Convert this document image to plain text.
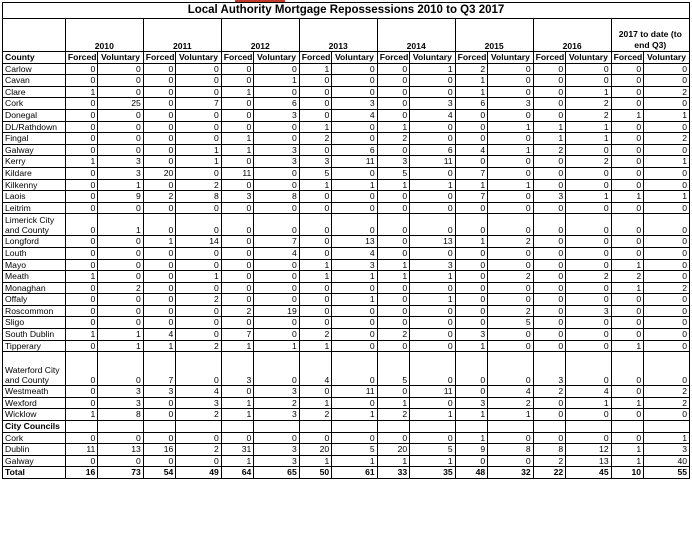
Local Authority Mortgage Repossessions 2010 to Q3 2017																
	2010		2011		2012		2013		2014		2015		2016		2017 to date (to end Q3)	
County	Forced	Voluntary	Forced	Voluntary	Forced	Voluntary	Forced	Voluntary	Forced	Voluntary	Forced	Voluntary	Forced	Voluntary	Forced	Voluntary
Carlow	0	0	0	0	0	0	1	0	0	1	2	0	0	0	0	0
Cavan	0	0	0	0	0	1	0	0	0	0	1	0	0	0	0	0
Clare	1	0	0	0	1	0	0	0	0	0	1	0	0	1	0	2
Cork	0	25	0	7	0	6	0	3	0	3	6	3	0	2	0	0
Donegal	0	0	0	0	0	3	0	4	0	4	0	0	0	2	1	1
DL/Rathdown	0	0	0	0	0	0	1	0	1	0	0	1	1	1	0	0
Fingal	0	0	0	0	1	0	2	0	2	0	0	0	1	1	0	2
Galway	0	0	0	1	1	3	0	6	0	6	4	1	2	0	0	0
Kerry	1	3	0	1	0	3	3	11	3	11	0	0	0	2	0	1
Kildare	0	3	20	0	11	0	5	0	5	0	7	0	0	0	0	0
Kilkenny	0	1	0	2	0	0	1	1	1	1	1	1	0	0	0	0
Laois	0	9	2	8	3	8	0	0	0	0	7	0	3	1	1	1
Leitrim	0	0	0	0	0	0	0	0	0	0	0	0	0	0	0	0
Limerick City and County	0	1	0	0	0	0	0	0	0	0	0	0	0	0	0	0
Longford	0	0	1	14	0	7	0	13	0	13	1	2	0	0	0	0
Louth	0	0	0	0	0	4	0	4	0	0	0	0	0	0	0	0
Mayo	0	0	0	0	0	0	1	3	1	3	0	0	0	0	1	0
Meath	1	0	0	1	0	0	1	1	1	1	0	2	0	2	2	0
Monaghan	0	2	0	0	0	0	0	0	0	0	0	0	0	0	1	2
Offaly	0	0	0	2	0	0	0	1	0	1	0	0	0	0	0	0
Roscommon	0	0	0	0	2	19	0	0	0	0	0	2	0	3	0	0
Sligo	0	0	0	0	0	0	0	0	0	0	0	5	0	0	0	0
South Dublin	1	1	4	0	7	0	2	0	2	0	3	0	0	0	0	0
Tipperary	0	1	1	2	1	1	1	0	0	0	1	0	0	0	1	0
Waterford City and County	0	0	7	0	3	0	4	0	5	0	0	0	3	0	0	0
Westmeath	0	3	3	4	0	3	0	11	0	11	0	4	2	4	0	2
Wexford	0	3	0	3	1	2	1	0	1	0	3	2	0	1	1	2
Wicklow	1	8	0	2	1	3	2	1	2	1	1	1	0	0	0	0
City Councils																
Cork	0	0	0	0	0	0	0	0	0	0	1	0	0	0	0	1
Dublin	11	13	16	2	31	3	20	5	20	5	9	8	8	12	1	3
Galway	0	0	0	0	1	3	1	1	1	1	0	0	2	13	1	40
Total	16	73	54	49	64	65	50	61	33	35	48	32	22	45	10	55
